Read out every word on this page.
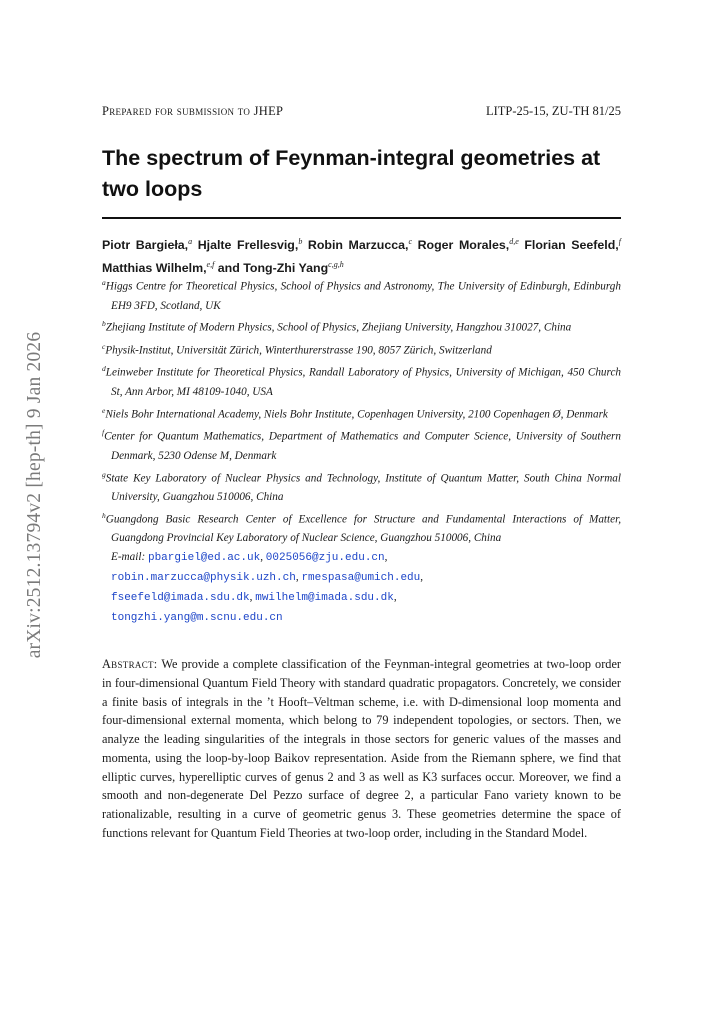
arXiv:2512.13794v2 [hep-th] 9 Jan 2026
Prepared for submission to JHEP	LITP-25-15, ZU-TH 81/25
The spectrum of Feynman-integral geometries at two loops

Piotr Bargieła,$^a$ Hjalte Frellesvig,$^b$ Robin Marzucca,$^c$ Roger Morales,$^{d,e}$ Florian Seefeld,$^f$ Matthias Wilhelm,$^{e,f}$ and Tong-Zhi Yang$^{c,g,h}$

$^a$Higgs Centre for Theoretical Physics, School of Physics and Astronomy, The University of Edinburgh, Edinburgh EH9 3FD, Scotland, UK
$^b$Zhejiang Institute of Modern Physics, School of Physics, Zhejiang University, Hangzhou 310027, China
$^c$Physik-Institut, Universität Zürich, Winterthurerstrasse 190, 8057 Zürich, Switzerland
$^d$Leinweber Institute for Theoretical Physics, Randall Laboratory of Physics, University of Michigan, 450 Church St, Ann Arbor, MI 48109-1040, USA
$^e$Niels Bohr International Academy, Niels Bohr Institute, Copenhagen University, 2100 Copenhagen Ø, Denmark
$^f$Center for Quantum Mathematics, Department of Mathematics and Computer Science, University of Southern Denmark, 5230 Odense M, Denmark
$^g$State Key Laboratory of Nuclear Physics and Technology, Institute of Quantum Matter, South China Normal University, Guangzhou 510006, China
$^h$Guangdong Basic Research Center of Excellence for Structure and Fundamental Interactions of Matter, Guangdong Provincial Key Laboratory of Nuclear Science, Guangzhou 510006, China
E-mail: pbargiel@ed.ac.uk, 0025056@zju.edu.cn,
robin.marzucca@physik.uzh.ch, rmespasa@umich.edu,
fseefeld@imada.sdu.dk, mwilhelm@imada.sdu.dk,
tongzhi.yang@m.scnu.edu.cn

Abstract: We provide a complete classification of the Feynman-integral geometries at two-loop order in four-dimensional Quantum Field Theory with standard quadratic propagators. Concretely, we consider a finite basis of integrals in the ’t Hooft–Veltman scheme, i.e. with D-dimensional loop momenta and four-dimensional external momenta, which belong to 79 independent topologies, or sectors. Then, we analyze the leading singularities of the integrals in those sectors for generic values of the masses and momenta, using the loop-by-loop Baikov representation. Aside from the Riemann sphere, we find that elliptic curves, hyperelliptic curves of genus 2 and 3 as well as K3 surfaces occur. Moreover, we find a smooth and non-degenerate Del Pezzo surface of degree 2, a particular Fano variety known to be rationalizable, resulting in a curve of geometric genus 3. These geometries determine the space of functions relevant for Quantum Field Theories at two-loop order, including in the Standard Model.
